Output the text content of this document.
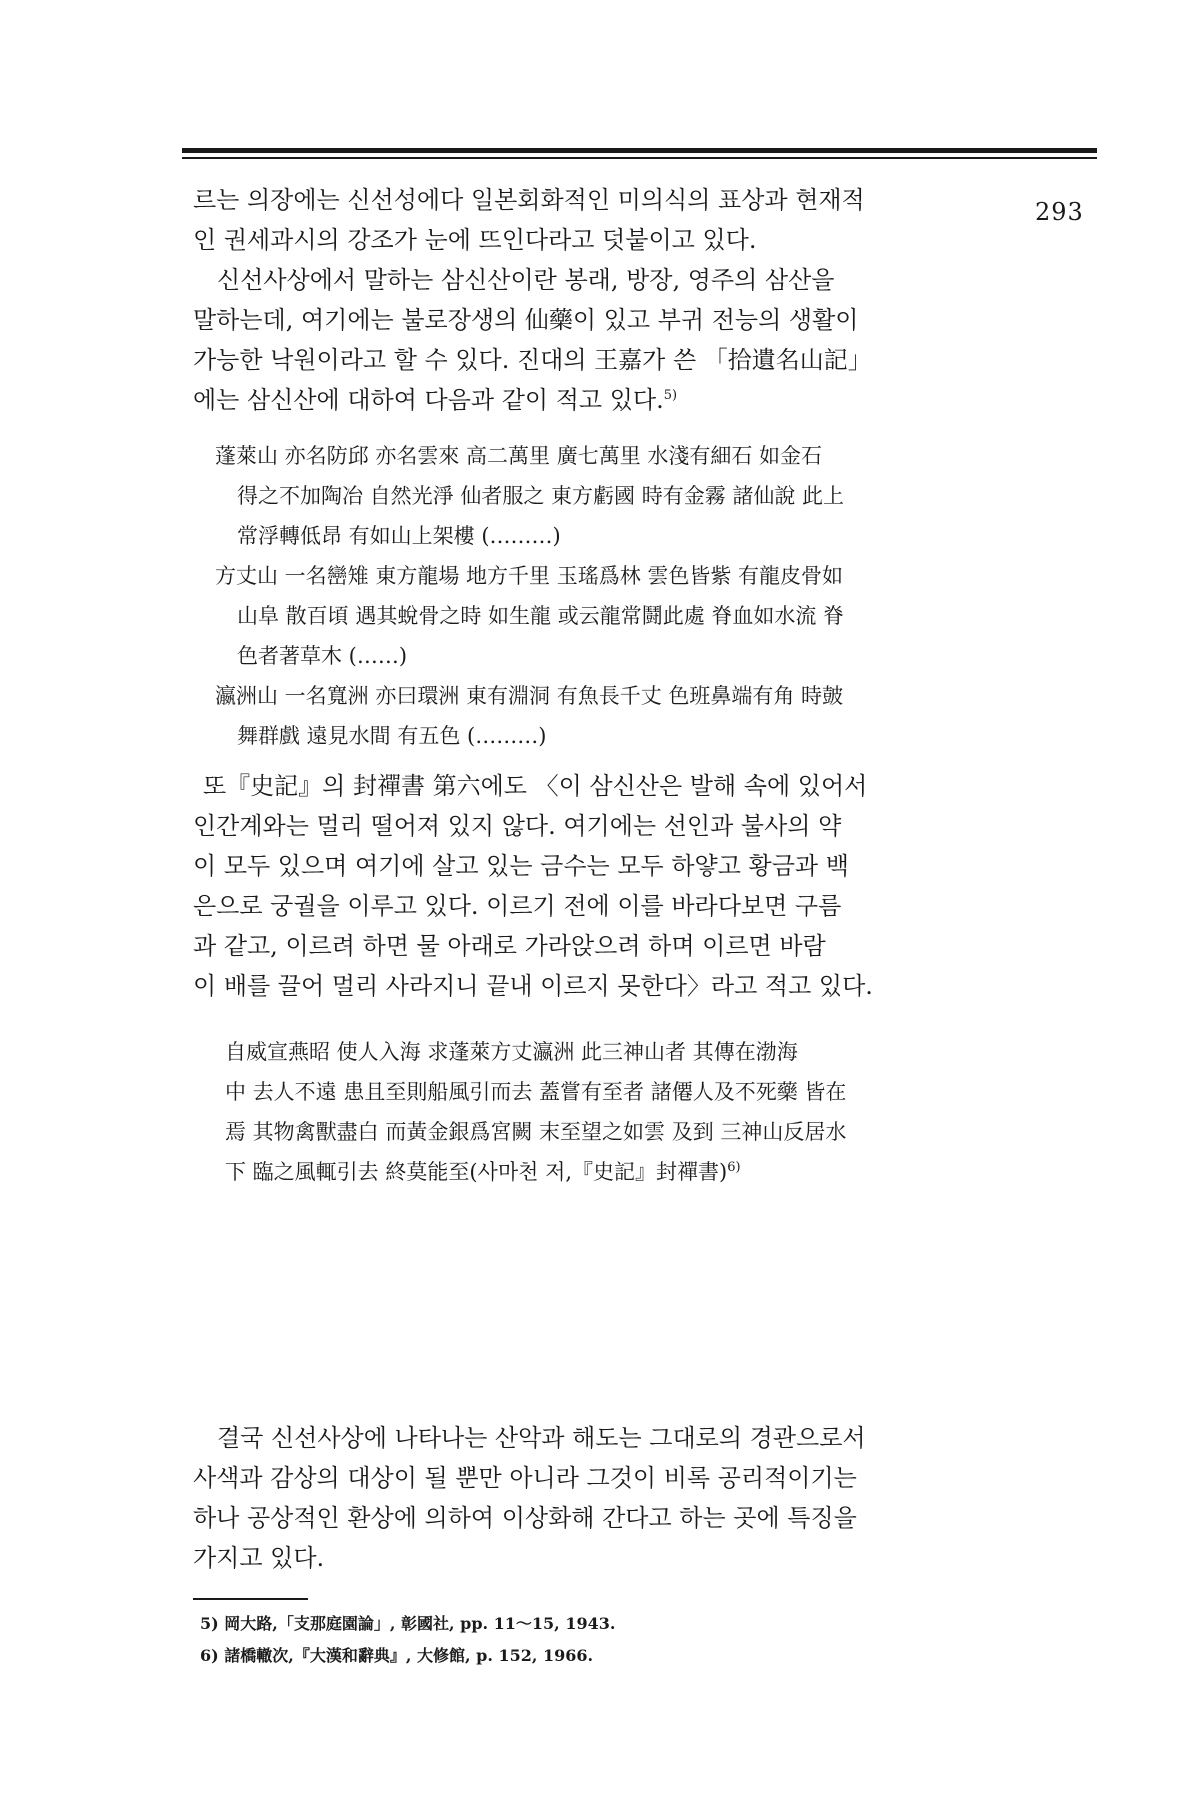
293
르는 의장에는 신선성에다 일본회화적인 미의식의 표상과 현재적
인 권세과시의 강조가 눈에 뜨인다라고 덧붙이고 있다.
신선사상에서 말하는 삼신산이란 봉래, 방장, 영주의 삼산을
말하는데, 여기에는 불로장생의 仙藥이 있고 부귀 전능의 생활이
가능한 낙원이라고 할 수 있다. 진대의 王嘉가 쓴 「拾遺名山記」
에는 삼신산에 대하여 다음과 같이 적고 있다.$^{5)}$
蓬萊山 亦名防邱 亦名雲來 高二萬里 廣七萬里 水淺有細石 如金石
得之不加陶冶 自然光淨 仙者服之 東方虧國 時有金霧 諸仙說 此上
常浮轉低昂 有如山上架樓 (………)
方丈山 一名巒雉 東方龍場 地方千里 玉瑤爲林 雲色皆紫 有龍皮骨如
山阜 散百頃 遇其蛻骨之時 如生龍 或云龍常鬪此處 脊血如水流 脊
色者著草木 (……)
瀛洲山 一名寬洲 亦曰環洲 東有淵洞 有魚長千丈 色班鼻端有角 時皷
舞群戲 遠見水間 有五色 (………)
또『史記』의 封禪書 第六에도 〈이 삼신산은 발해 속에 있어서
인간계와는 멀리 떨어져 있지 않다. 여기에는 선인과 불사의 약
이 모두 있으며 여기에 살고 있는 금수는 모두 하얗고 황금과 백
은으로 궁궐을 이루고 있다. 이르기 전에 이를 바라다보면 구름
과 같고, 이르려 하면 물 아래로 가라앉으려 하며 이르면 바람
이 배를 끌어 멀리 사라지니 끝내 이르지 못한다〉라고 적고 있다.
自威宣燕昭 使人入海 求蓬萊方丈瀛洲 此三神山者 其傳在渤海
中 去人不遠 患且至則船風引而去 蓋嘗有至者 諸僊人及不死藥 皆在
焉 其物禽獸盡白 而黃金銀爲宮闕 末至望之如雲 及到 三神山反居水
下 臨之風輒引去 終莫能至(사마천 저,『史記』封禪書)$^{6)}$
결국 신선사상에 나타나는 산악과 해도는 그대로의 경관으로서
사색과 감상의 대상이 될 뿐만 아니라 그것이 비록 공리적이기는
하나 공상적인 환상에 의하여 이상화해 간다고 하는 곳에 특징을
가지고 있다.
5) 岡大路,「支那庭園論」, 彰國社, pp. 11～15, 1943.
6) 諸橋轍次,『大漢和辭典』, 大修館, p. 152, 1966.
